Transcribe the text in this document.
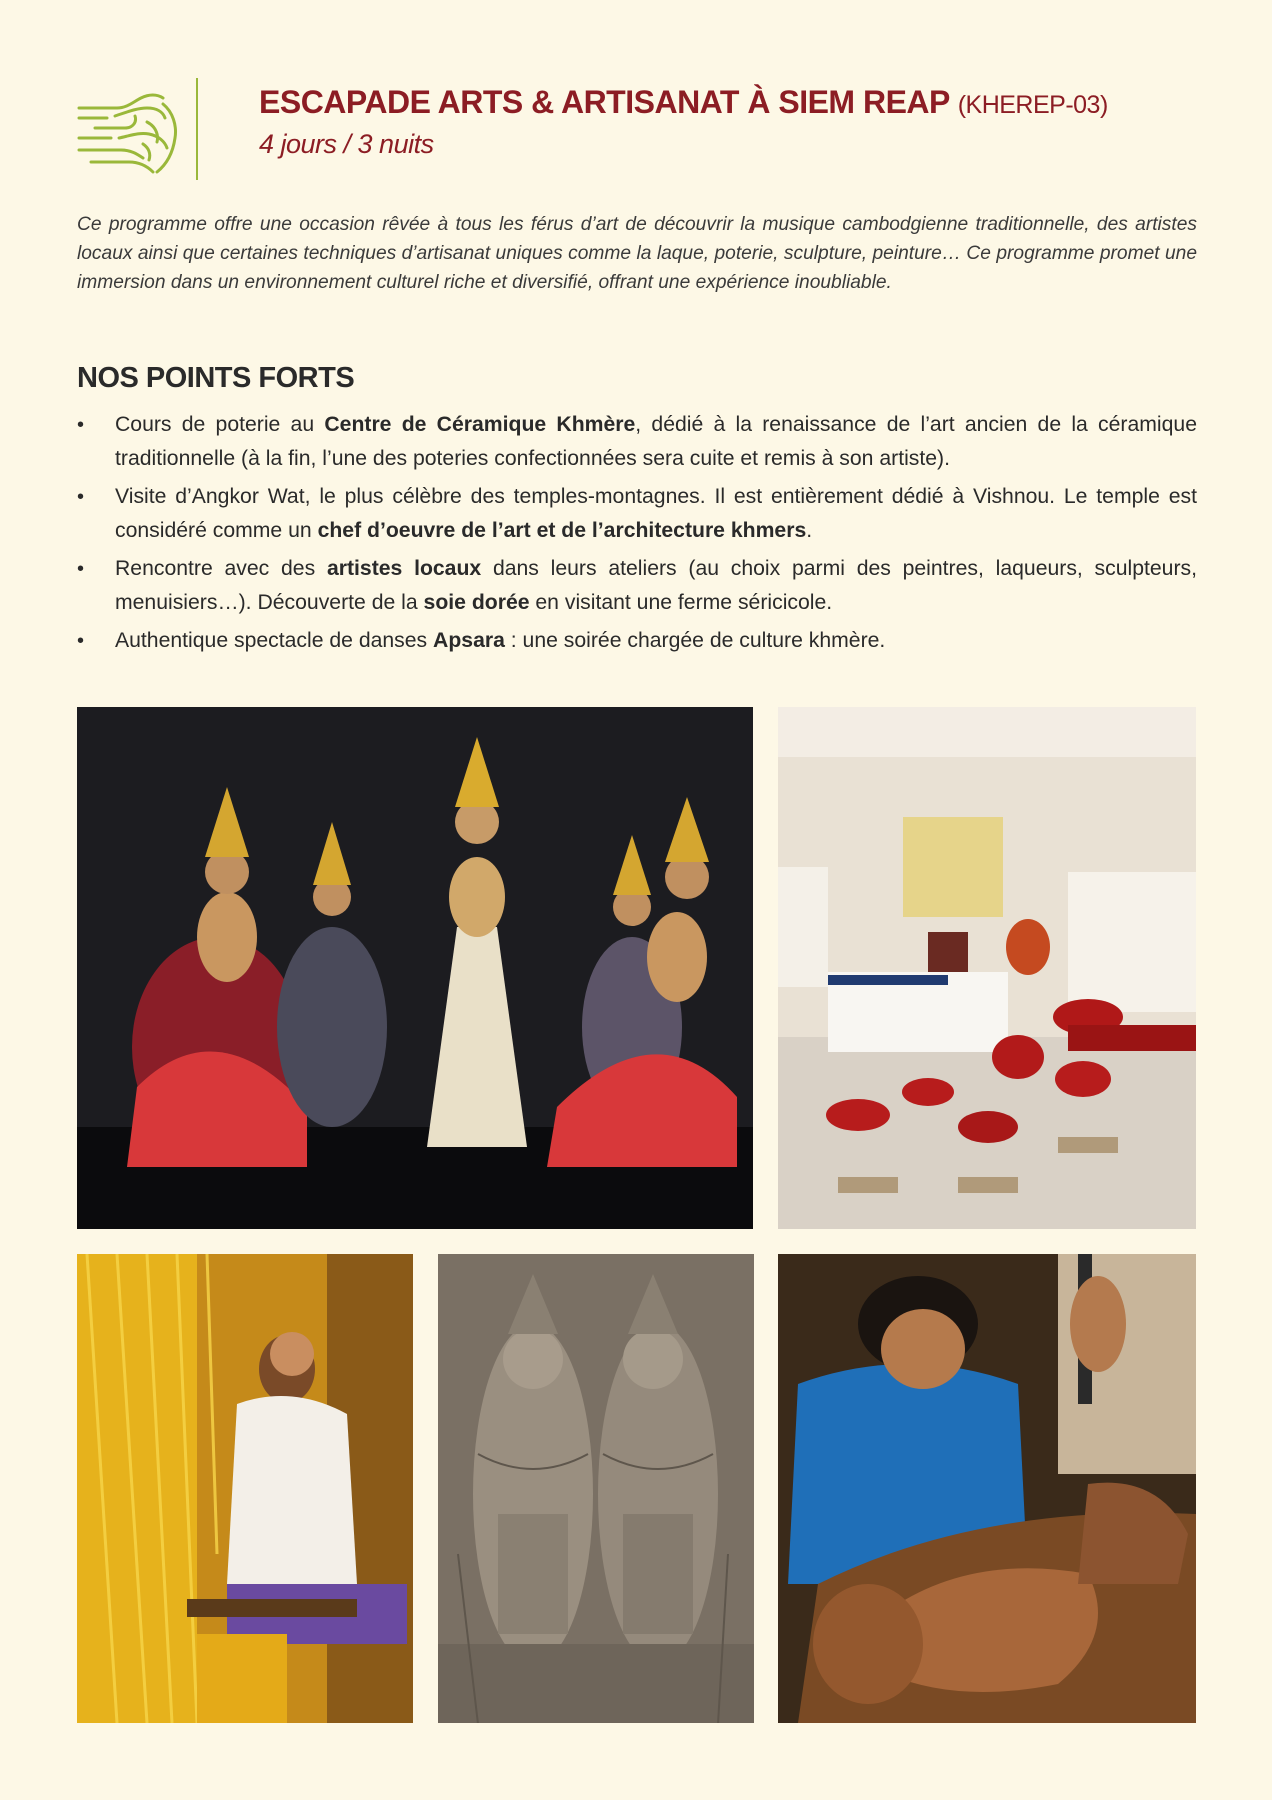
ESCAPADE ARTS & ARTISANAT À SIEM REAP (KHEREP-03)
4 jours / 3 nuits

Ce programme offre une occasion rêvée à tous les férus d’art de découvrir la musique cambodgienne traditionnelle, des artistes locaux ainsi que certaines techniques d’artisanat uniques comme la laque, poterie, sculpture, peinture… Ce programme promet une immersion dans un environnement culturel riche et diversifié, offrant une expérience inoubliable.

NOS POINTS FORTS
• Cours de poterie au Centre de Céramique Khmère, dédié à la renaissance de l’art ancien de la céramique traditionnelle (à la fin, l’une des poteries confectionnées sera cuite et remis à son artiste).
• Visite d’Angkor Wat, le plus célèbre des temples-montagnes. Il est entièrement dédié à Vishnou. Le temple est considéré comme un chef d’oeuvre de l’art et de l’architecture khmers.
• Rencontre avec des artistes locaux dans leurs ateliers (au choix parmi des peintres, laqueurs, sculpteurs, menuisiers…). Découverte de la soie dorée en visitant une ferme séricicole.
• Authentique spectacle de danses Apsara : une soirée chargée de culture khmère.
